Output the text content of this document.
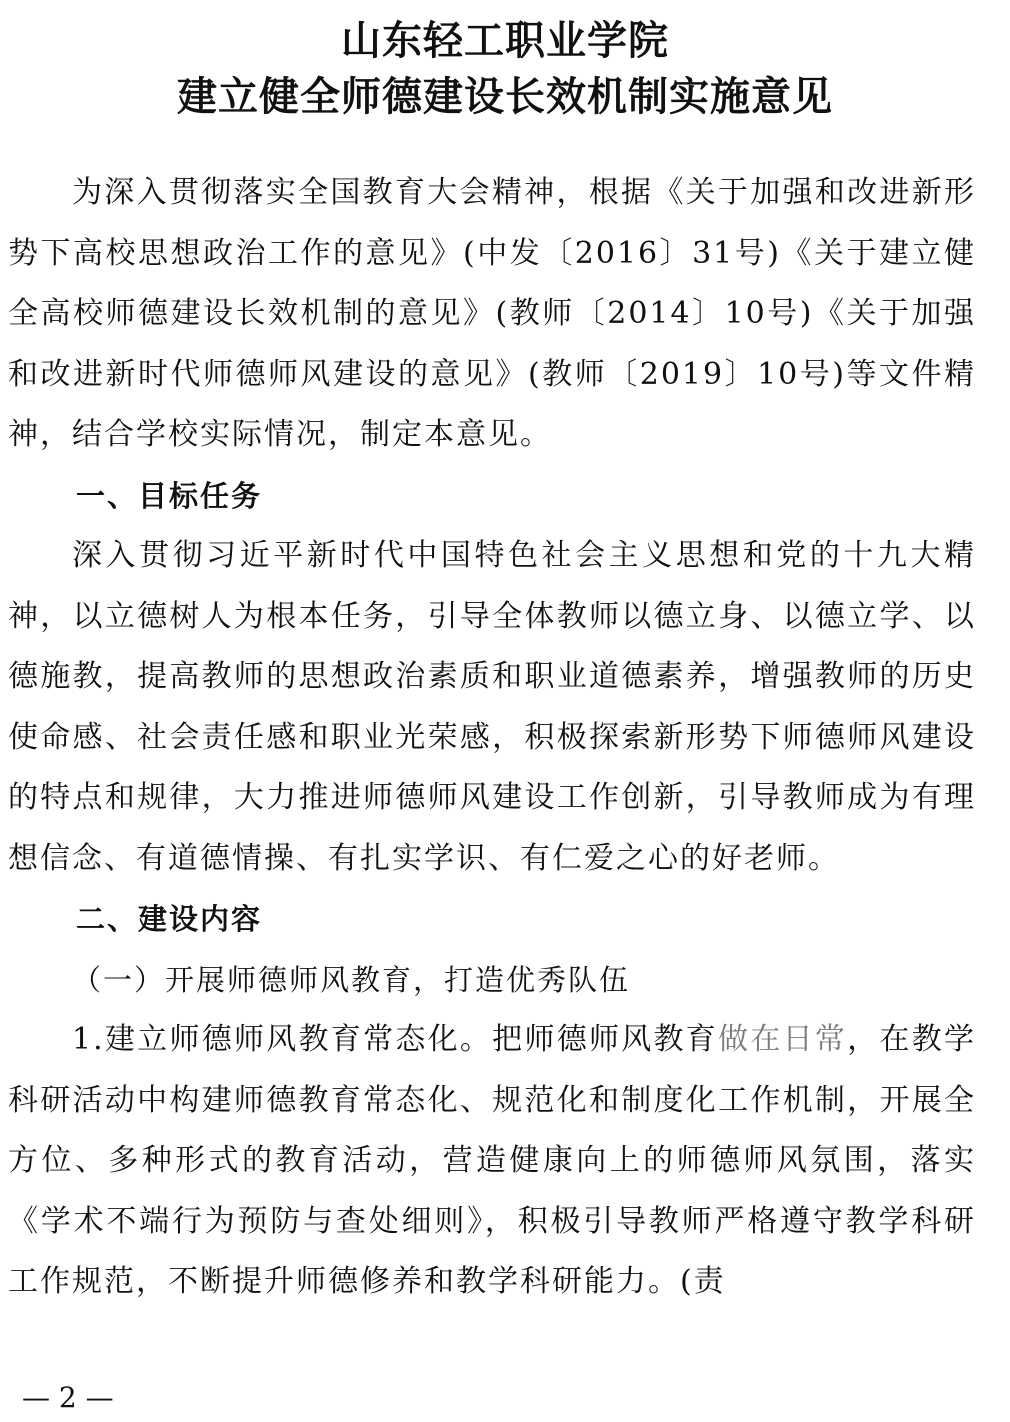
山东轻工职业学院
建立健全师德建设长效机制实施意见

为深入贯彻落实全国教育大会精神，根据《关于加强和改进新形势下高校思想政治工作的意见》(中发〔2016〕31号)《关于建立健全高校师德建设长效机制的意见》(教师〔2014〕10号)《关于加强和改进新时代师德师风建设的意见》(教师〔2019〕10号)等文件精神，结合学校实际情况，制定本意见。

一、目标任务

深入贯彻习近平新时代中国特色社会主义思想和党的十九大精神，以立德树人为根本任务，引导全体教师以德立身、以德立学、以德施教，提高教师的思想政治素质和职业道德素养，增强教师的历史使命感、社会责任感和职业光荣感，积极探索新形势下师德师风建设的特点和规律，大力推进师德师风建设工作创新，引导教师成为有理想信念、有道德情操、有扎实学识、有仁爱之心的好老师。

二、建设内容

（一）开展师德师风教育，打造优秀队伍

1.建立师德师风教育常态化。把师德师风教育做在日常，在教学科研活动中构建师德教育常态化、规范化和制度化工作机制，开展全方位、多种形式的教育活动，营造健康向上的师德师风氛围，落实《学术不端行为预防与查处细则》，积极引导教师严格遵守教学科研工作规范，不断提升师德修养和教学科研能力。(责

— 2 —
